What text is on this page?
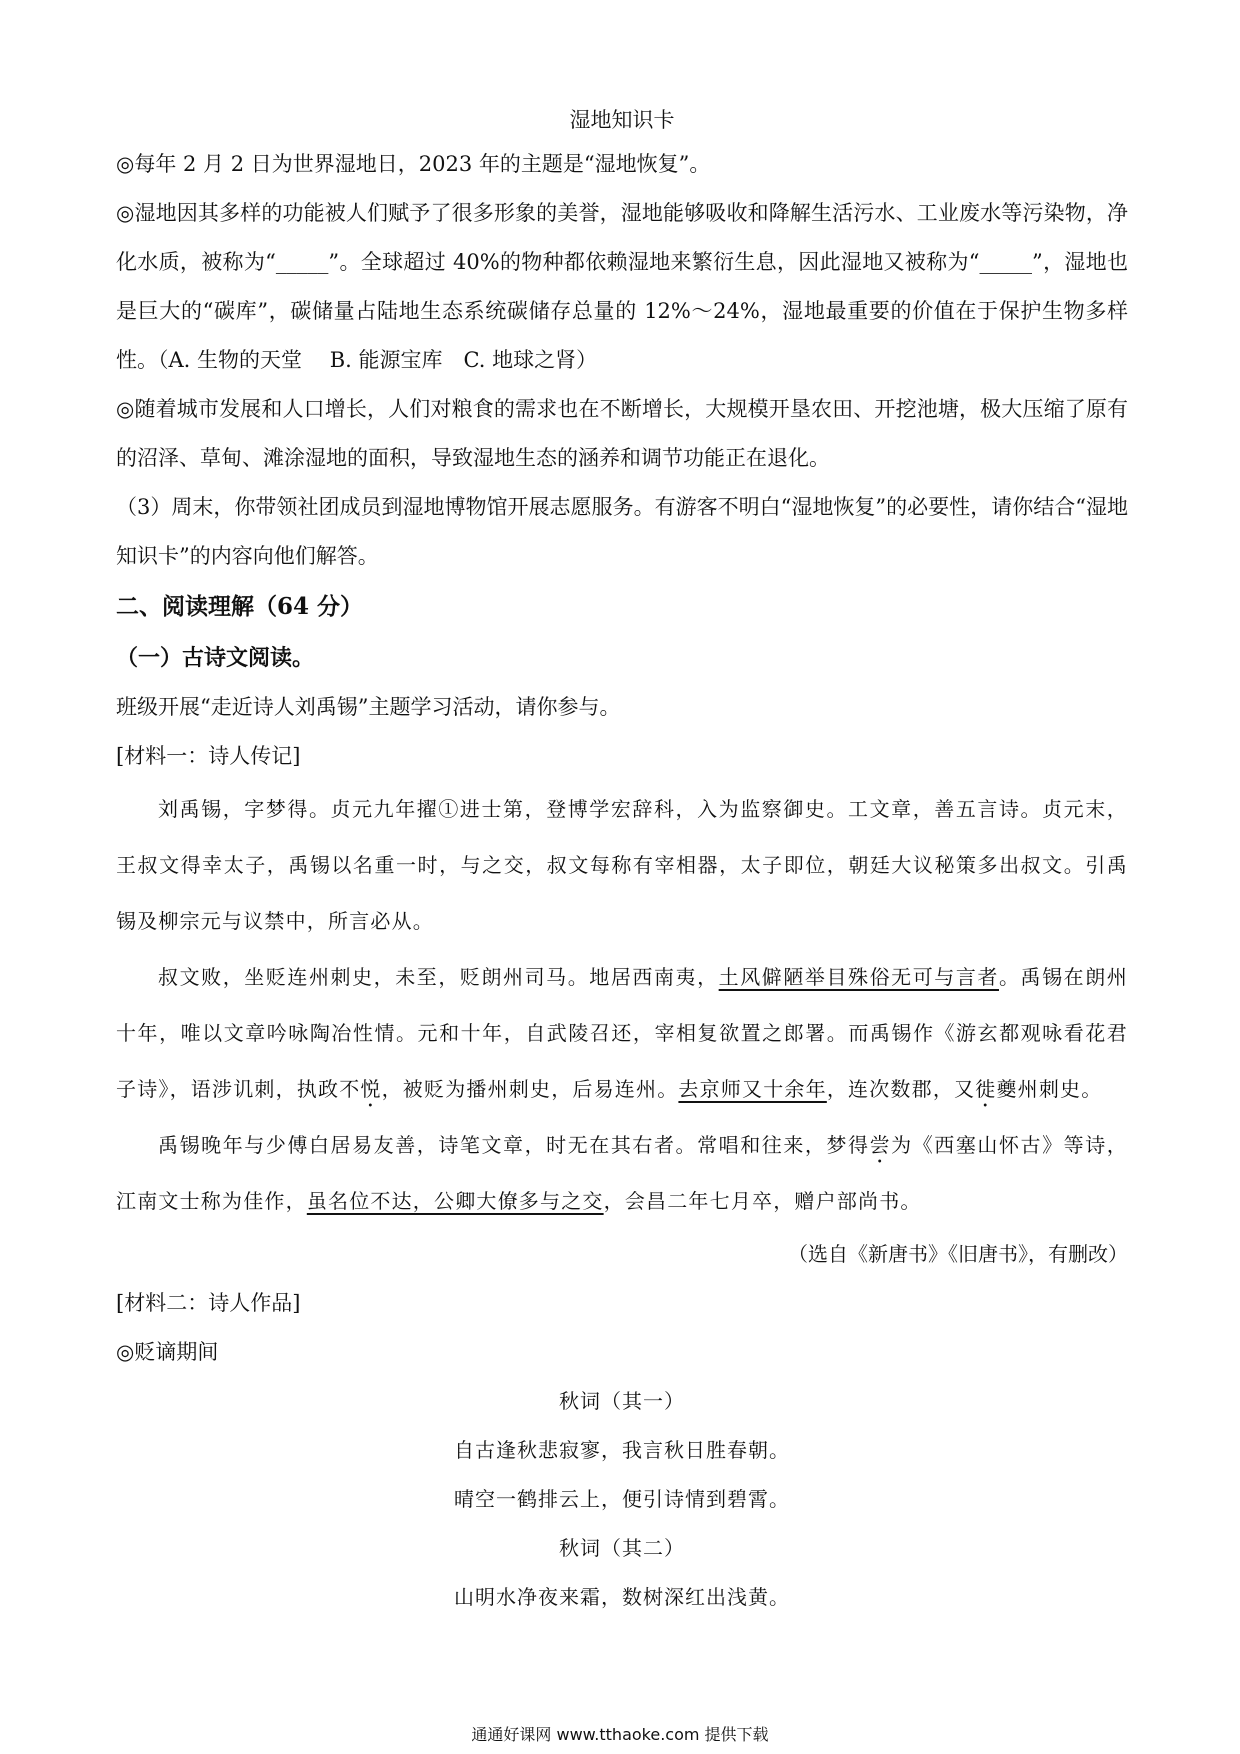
湿地知识卡

◎每年 2 月 2 日为世界湿地日，2023 年的主题是“湿地恢复”。

◎湿地因其多样的功能被人们赋予了很多形象的美誉，湿地能够吸收和降解生活污水、工业废水等污染物，净化水质，被称为“_____”。全球超过 40%的物种都依赖湿地来繁衍生息，因此湿地又被称为“_____”，湿地也是巨大的“碳库”，碳储量占陆地生态系统碳储存总量的 12%～24%，湿地最重要的价值在于保护生物多样性。（A. 生物的天堂　 B. 能源宝库　C. 地球之肾）

◎随着城市发展和人口增长，人们对粮食的需求也在不断增长，大规模开垦农田、开挖池塘，极大压缩了原有的沼泽、草甸、滩涂湿地的面积，导致湿地生态的涵养和调节功能正在退化。

（3）周末，你带领社团成员到湿地博物馆开展志愿服务。有游客不明白“湿地恢复”的必要性，请你结合“湿地知识卡”的内容向他们解答。

二、阅读理解（64 分）

（一）古诗文阅读。

班级开展“走近诗人刘禹锡”主题学习活动，请你参与。

[材料一：诗人传记]

刘禹锡，字梦得。贞元九年擢①进士第，登博学宏辞科，入为监察御史。工文章，善五言诗。贞元末，王叔文得幸太子，禹锡以名重一时，与之交，叔文每称有宰相器，太子即位，朝廷大议秘策多出叔文。引禹锡及柳宗元与议禁中，所言必从。

叔文败，坐贬连州刺史，未至，贬朗州司马。地居西南夷，土风僻陋举目殊俗无可与言者。禹锡在朗州十年，唯以文章吟咏陶冶性情。元和十年，自武陵召还，宰相复欲置之郎署。而禹锡作《游玄都观咏看花君子诗》，语涉讥刺，执政不悦，被贬为播州刺史，后易连州。去京师又十余年，连次数郡，又徙夔州刺史。

禹锡晚年与少傅白居易友善，诗笔文章，时无在其右者。常唱和往来，梦得尝为《西塞山怀古》等诗，江南文士称为佳作，虽名位不达，公卿大僚多与之交，会昌二年七月卒，赠户部尚书。

（选自《新唐书》《旧唐书》，有删改）

[材料二：诗人作品]

◎贬谪期间

秋词（其一）

自古逢秋悲寂寥，我言秋日胜春朝。

晴空一鹤排云上，便引诗情到碧霄。

秋词（其二）

山明水净夜来霜，数树深红出浅黄。

通通好课网 www.tthaoke.com 提供下载
